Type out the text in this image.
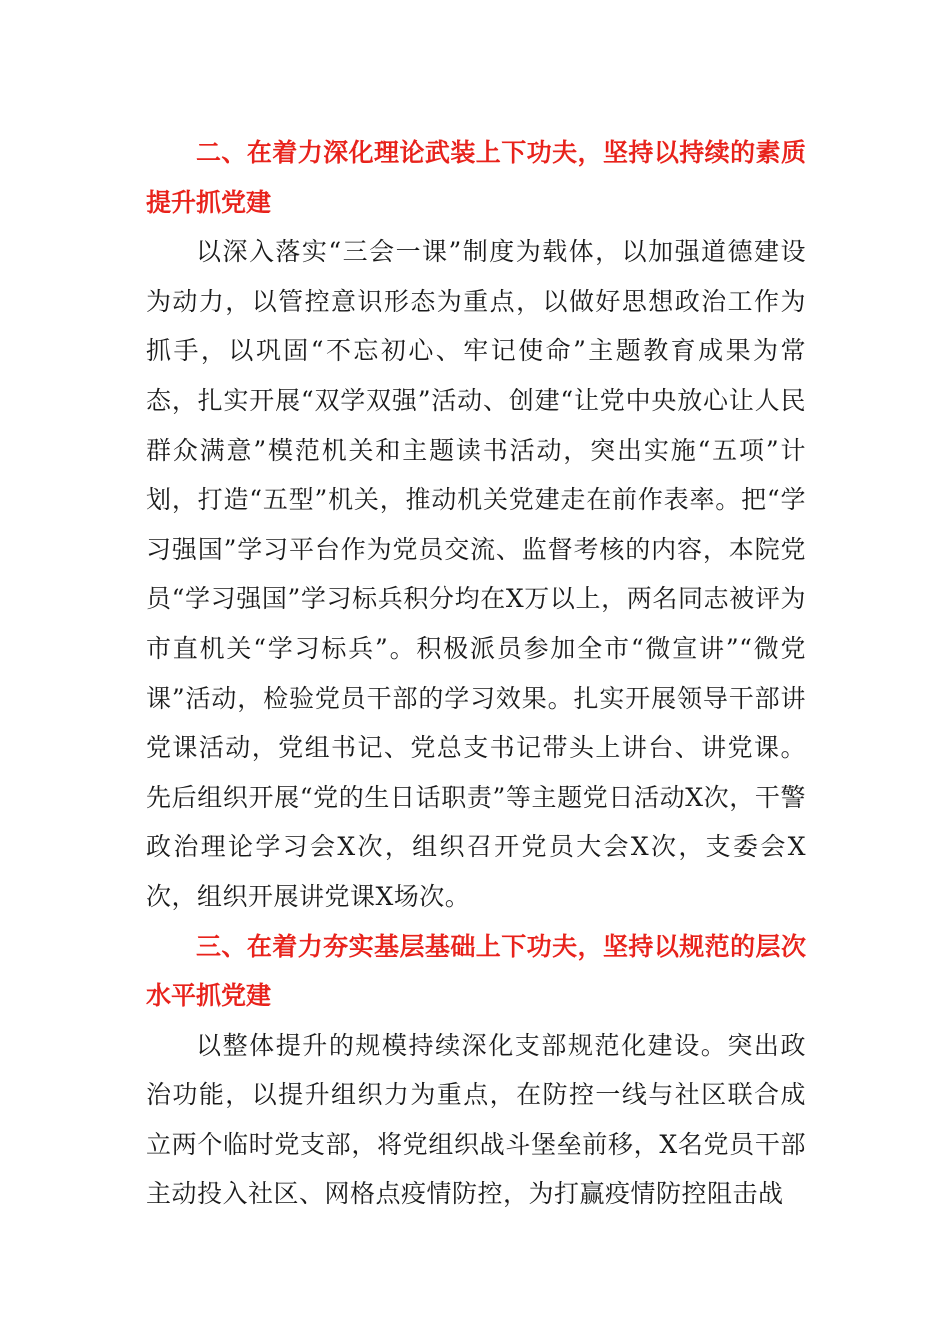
二、在着力深化理论武装上下功夫，坚持以持续的素质提升抓党建

以深入落实“三会一课”制度为载体，以加强道德建设为动力，以管控意识形态为重点，以做好思想政治工作为抓手，以巩固“不忘初心、牢记使命”主题教育成果为常态，扎实开展“双学双强”活动、创建“让党中央放心让人民群众满意”模范机关和主题读书活动，突出实施“五项”计划，打造“五型”机关，推动机关党建走在前作表率。把“学习强国”学习平台作为党员交流、监督考核的内容，本院党员“学习强国”学习标兵积分均在X万以上，两名同志被评为市直机关“学习标兵”。积极派员参加全市“微宣讲”“微党课”活动，检验党员干部的学习效果。扎实开展领导干部讲党课活动，党组书记、党总支书记带头上讲台、讲党课。先后组织开展“党的生日话职责”等主题党日活动X次，干警政治理论学习会X次，组织召开党员大会X次，支委会X次，组织开展讲党课X场次。

三、在着力夯实基层基础上下功夫，坚持以规范的层次水平抓党建

以整体提升的规模持续深化支部规范化建设。突出政治功能，以提升组织力为重点，在防控一线与社区联合成立两个临时党支部，将党组织战斗堡垒前移，X名党员干部主动投入社区、网格点疫情防控，为打赢疫情防控阻击战
